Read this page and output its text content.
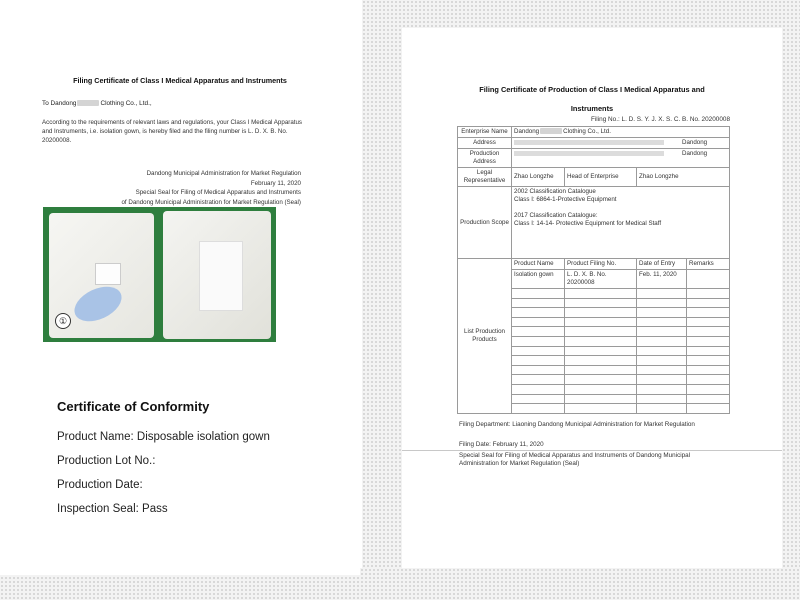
Filing Certificate of Class I Medical Apparatus and Instruments
To Dandong	Clothing Co., Ltd.,
According to the requirements of relevant laws and regulations, your Class I Medical Apparatus and Instruments, i.e. isolation gown, is hereby filed and the filing number is L. D. X. B. No. 20200008.
Dandong Municipal Administration for Market Regulation
February 11, 2020
Special Seal for Filing of Medical Apparatus and Instruments
of Dandong Municipal Administration for Market Regulation (Seal)
①
Certificate of Conformity
Product Name: Disposable isolation gown
Production Lot No.:
Production Date:
Inspection Seal: Pass
Filing Certificate of Production of Class I Medical Apparatus and
Instruments
Filing No.: L. D. S. Y. J. X. S. C. B. No. 20200008
Enterprise Name	Dandong Clothing Co., Ltd.			
Address	Dandong			
Production Address	Dandong			
Legal Representative	Zhao Longzhe	Head of Enterprise	Zhao Longzhe	
Production Scope	2002 Classification Catalogue
Class I: 6864-1-Protective Equipment
2017 Classification Catalogue:
Class I: 14-14- Protective Equipment for Medical Staff			

List Production Products	Product Name	Product Filing No.	Date of Entry	Remarks
	Isolation gown	L. D. X. B. No. 20200008	Feb. 11, 2020	

Filing Department: Liaoning Dandong Municipal Administration for Market Regulation
Filing Date: February 11, 2020
Special Seal for Filing of Medical Apparatus and Instruments of Dandong Municipal Administration for Market Regulation (Seal)
